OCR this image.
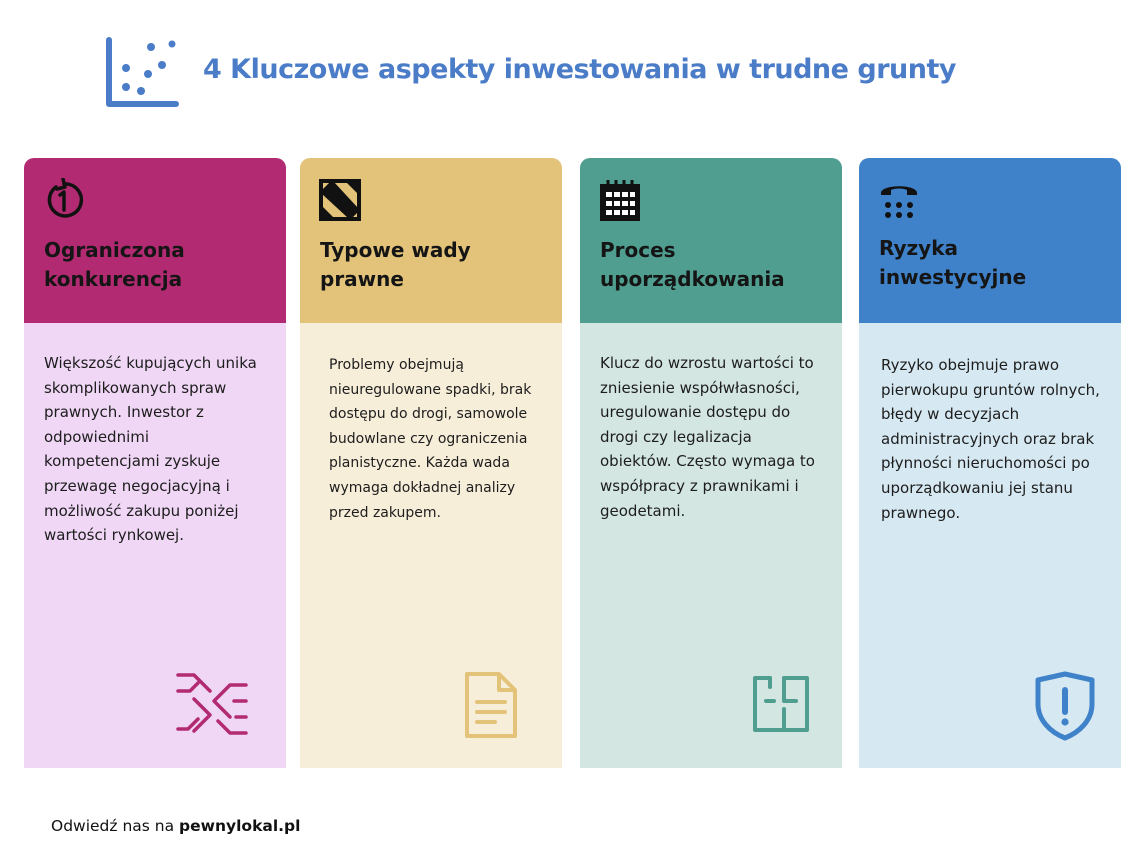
4 Kluczowe aspekty inwestowania w trudne grunty
Ograniczona konkurencja

Większość kupujących unika skomplikowanych spraw prawnych. Inwestor z odpowiednimi kompetencjami zyskuje przewagę negocjacyjną i możliwość zakupu poniżej wartości rynkowej.

Typowe wady prawne

Problemy obejmują nieuregulowane spadki, brak dostępu do drogi, samowole budowlane czy ograniczenia planistyczne. Każda wada wymaga dokładnej analizy przed zakupem.

Proces uporządkowania

Klucz do wzrostu wartości to zniesienie współwłasności, uregulowanie dostępu do drogi czy legalizacja obiektów. Często wymaga to współpracy z prawnikami i geodetami.

Ryzyka inwestycyjne

Ryzyko obejmuje prawo pierwokupu gruntów rolnych, błędy w decyzjach administracyjnych oraz brak płynności nieruchomości po uporządkowaniu jej stanu prawnego.

Odwiedź nas na pewnylokal.pl
